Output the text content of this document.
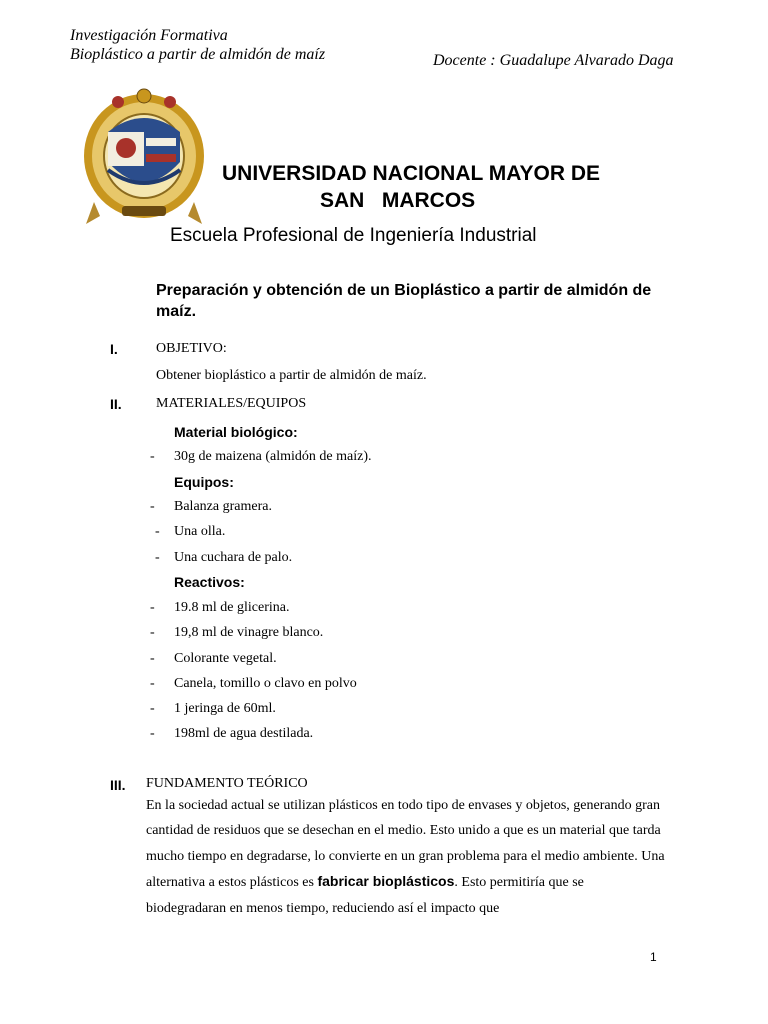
Investigación Formativa
Bioplástico a partir de almidón de maíz	Docente : Guadalupe Alvarado Daga
UNIVERSIDAD NACIONAL MAYOR DE
SAN   MARCOS
Escuela Profesional de Ingeniería Industrial
Preparación y obtención de un Bioplástico a partir de almidón de maíz.
I.	OBJETIVO:
Obtener bioplástico a partir de almidón de maíz.
II. MATERIALES/EQUIPOS
Material biológico:
- 30g de maizena (almidón de maíz).
Equipos:
- Balanza gramera.
- Una olla.
- Una cuchara de palo.
Reactivos:
- 19.8 ml de glicerina.
- 19,8 ml de vinagre blanco.
- Colorante vegetal.
- Canela, tomillo o clavo en polvo
- 1 jeringa de 60ml.
- 198ml de agua destilada.
III. FUNDAMENTO TEÓRICO
En la sociedad actual se utilizan plásticos en todo tipo de envases y objetos, generando gran cantidad de residuos que se desechan en el medio. Esto unido a que es un material que tarda mucho tiempo en degradarse, lo convierte en un gran problema para el medio ambiente. Una alternativa a estos plásticos es fabricar bioplásticos. Esto permitiría que se biodegradaran en menos tiempo, reduciendo así el impacto que
1
